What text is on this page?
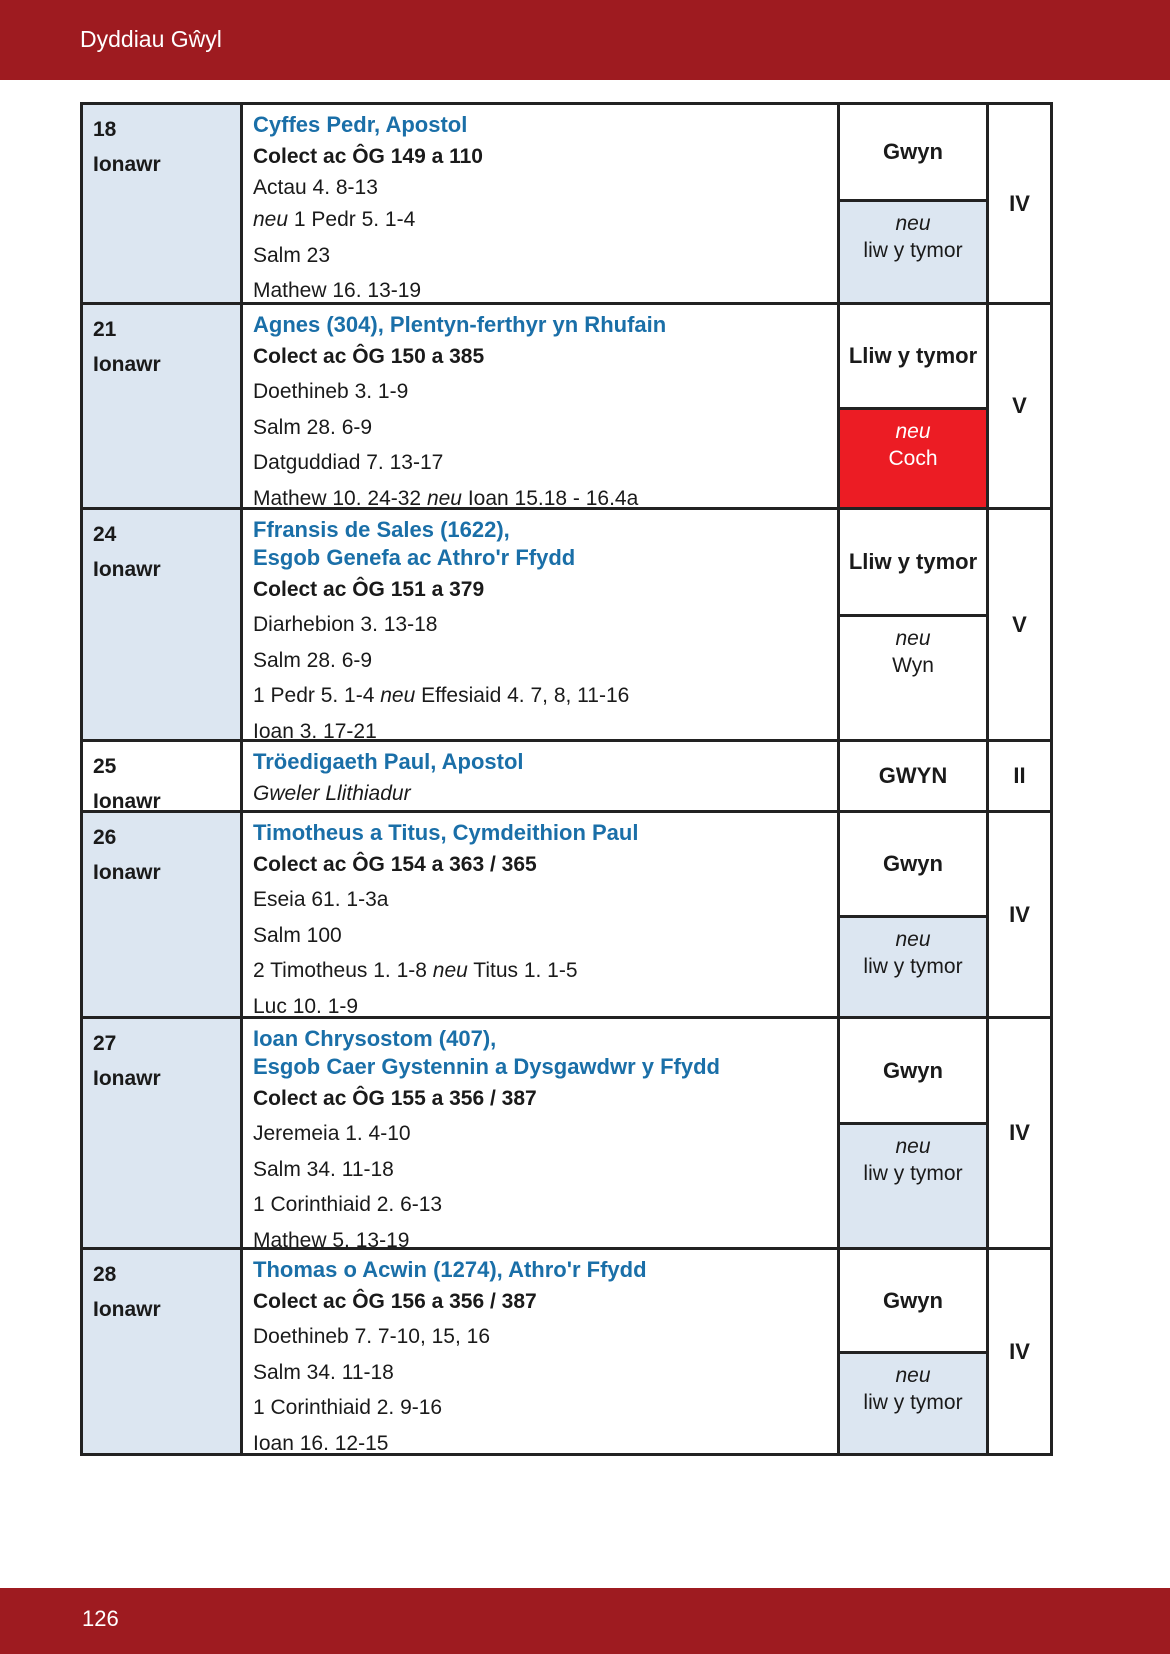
Dyddiau Gŵyl
18
Ionawr
Cyffes Pedr, Apostol
Colect ac ÔG 149 a 110
Actau 4. 8-13
neu 1 Pedr 5. 1-4
Salm 23
Mathew 16. 13-19
Gwyn
neu
liw y tymor
IV
21
Ionawr
Agnes (304), Plentyn-ferthyr yn Rhufain
Colect ac ÔG 150 a 385
Doethineb 3. 1-9
Salm 28. 6-9
Datguddiad 7. 13-17
Mathew 10. 24-32 neu Ioan 15.18 - 16.4a
Lliw y tymor
neu
Coch
V
24
Ionawr
Ffransis de Sales (1622),
Esgob Genefa ac Athro'r Ffydd
Colect ac ÔG 151 a 379
Diarhebion 3. 13-18
Salm 28. 6-9
1 Pedr 5. 1-4 neu Effesiaid 4. 7, 8, 11-16
Ioan 3. 17-21
Lliw y tymor
neu
Wyn
V
25
Ionawr
Tröedigaeth Paul, Apostol
Gweler Llithiadur
GWYN	II
26
Ionawr
Timotheus a Titus, Cymdeithion Paul
Colect ac ÔG 154 a 363 / 365
Eseia 61. 1-3a
Salm 100
2 Timotheus 1. 1-8 neu Titus 1. 1-5
Luc 10. 1-9
Gwyn
neu
liw y tymor
IV
27
Ionawr
Ioan Chrysostom (407),
Esgob Caer Gystennin a Dysgawdwr y Ffydd
Colect ac ÔG 155 a 356 / 387
Jeremeia 1. 4-10
Salm 34. 11-18
1 Corinthiaid 2. 6-13
Mathew 5. 13-19
Gwyn
neu
liw y tymor
IV
28
Ionawr
Thomas o Acwin (1274), Athro'r Ffydd
Colect ac ÔG 156 a 356 / 387
Doethineb 7. 7-10, 15, 16
Salm 34. 11-18
1 Corinthiaid 2. 9-16
Ioan 16. 12-15
Gwyn
neu
liw y tymor
IV
126
